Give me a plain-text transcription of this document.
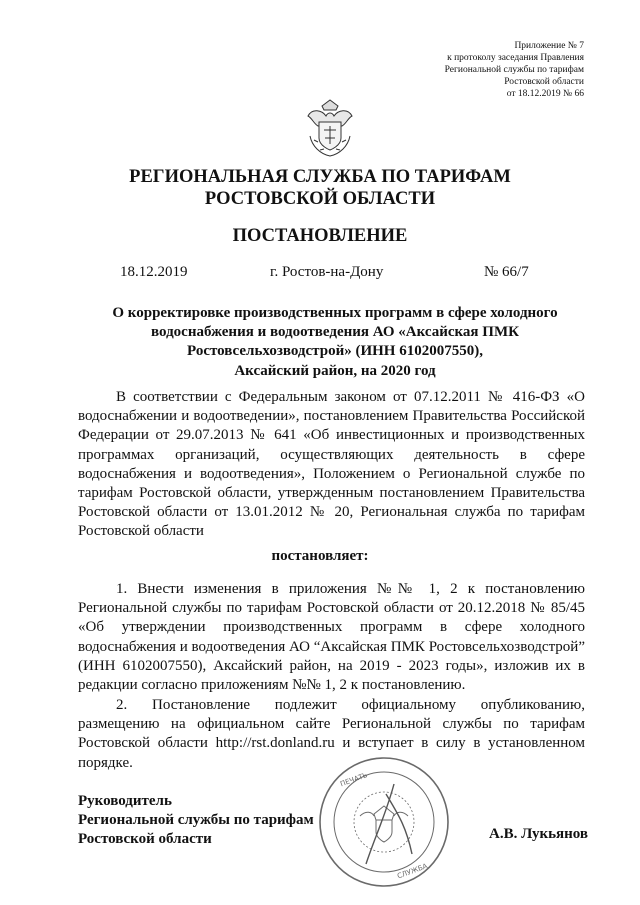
Приложение № 7
к протоколу заседания Правления
Региональной службы по тарифам
Ростовской области
от 18.12.2019 № 66
РЕГИОНАЛЬНАЯ СЛУЖБА ПО ТАРИФАМ
РОСТОВСКОЙ ОБЛАСТИ
ПОСТАНОВЛЕНИЕ
18.12.2019	г. Ростов-на-Дону	№ 66/7
О корректировке производственных программ в сфере холодного
водоснабжения и водоотведения АО «Аксайская ПМК
Ростовсельхозводстрой» (ИНН 6102007550),
Аксайский район, на 2020 год
В соответствии с Федеральным законом от 07.12.2011 № 416-ФЗ «О водоснабжении и водоотведении», постановлением Правительства Российской Федерации от 29.07.2013 № 641 «Об инвестиционных и производственных программах организаций, осуществляющих деятельность в сфере водоснабжения и водоотведения», Положением о Региональной службе по тарифам Ростовской области, утвержденным постановлением Правительства Ростовской области от 13.01.2012 № 20, Региональная служба по тарифам Ростовской области
постановляет:
1. Внести изменения в приложения №№ 1, 2 к постановлению Региональной службы по тарифам Ростовской области от 20.12.2018 № 85/45 «Об утверждении производственных программ в сфере холодного водоснабжения и водоотведения АО “Аксайская ПМК Ростовсельхозводстрой” (ИНН 6102007550), Аксайский район, на 2019 - 2023 годы», изложив их в редакции согласно приложениям №№ 1, 2 к постановлению.
2. Постановление подлежит официальному опубликованию, размещению на официальном сайте Региональной службы по тарифам Ростовской области http://rst.donland.ru и вступает в силу в установленном порядке.
ПЕЧАТЬ
СЛУЖБА
Руководитель
Региональной службы по тарифам
Ростовской области	А.В. Лукьянов
